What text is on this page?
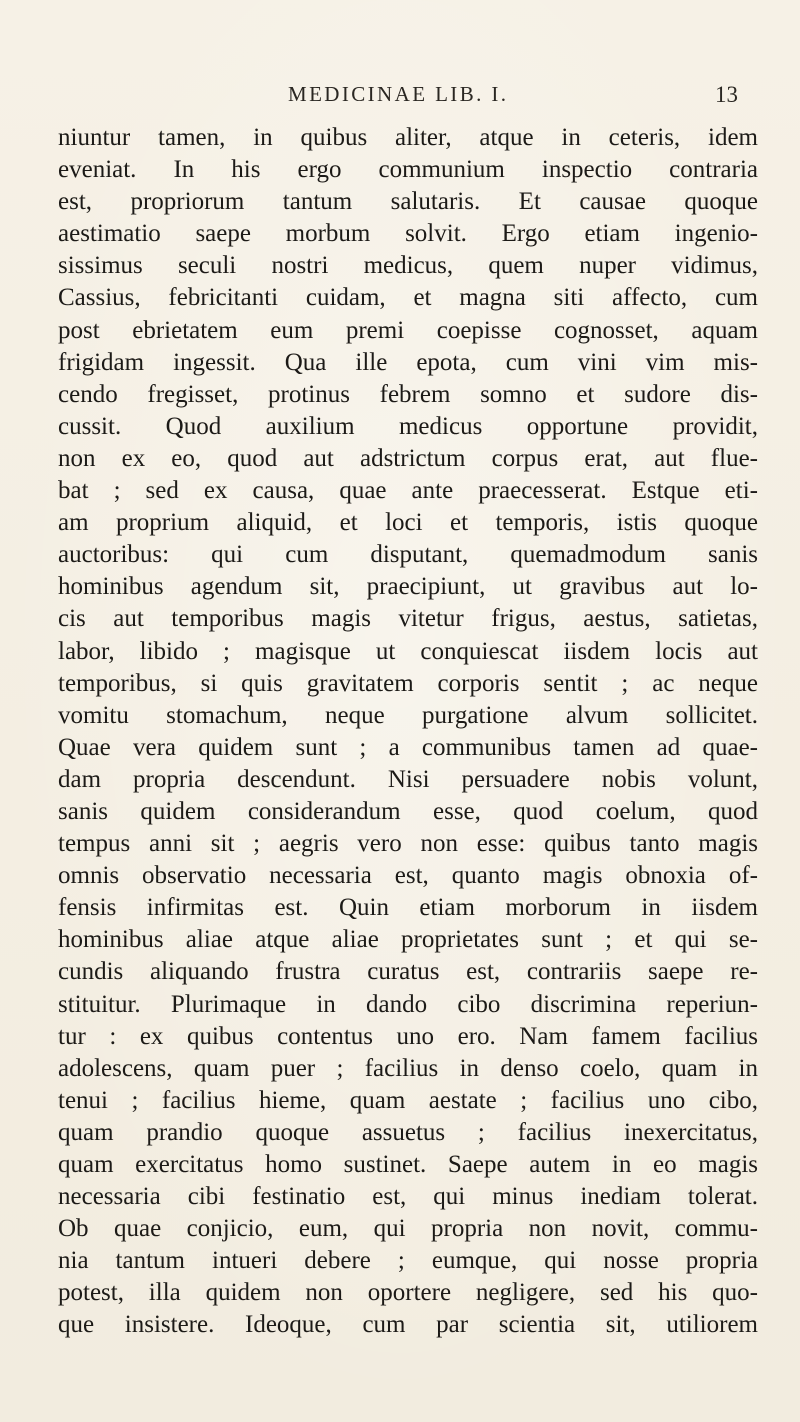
MEDICINAE LIB. I.	13
niuntur tamen, in quibus aliter, atque in ceteris, idem
eveniat. In his ergo communium inspectio contraria
est, propriorum tantum salutaris. Et causae quoque
aestimatio saepe morbum solvit. Ergo etiam ingenio-
sissimus seculi nostri medicus, quem nuper vidimus,
Cassius, febricitanti cuidam, et magna siti affecto, cum
post ebrietatem eum premi coepisse cognosset, aquam
frigidam ingessit. Qua ille epota, cum vini vim mis-
cendo fregisset, protinus febrem somno et sudore dis-
cussit. Quod auxilium medicus opportune providit,
non ex eo, quod aut adstrictum corpus erat, aut flue-
bat ; sed ex causa, quae ante praecesserat. Estque eti-
am proprium aliquid, et loci et temporis, istis quoque
auctoribus: qui cum disputant, quemadmodum sanis
hominibus agendum sit, praecipiunt, ut gravibus aut lo-
cis aut temporibus magis vitetur frigus, aestus, satietas,
labor, libido ; magisque ut conquiescat iisdem locis aut
temporibus, si quis gravitatem corporis sentit ; ac neque
vomitu stomachum, neque purgatione alvum sollicitet.
Quae vera quidem sunt ; a communibus tamen ad quae-
dam propria descendunt. Nisi persuadere nobis volunt,
sanis quidem considerandum esse, quod coelum, quod
tempus anni sit ; aegris vero non esse: quibus tanto magis
omnis observatio necessaria est, quanto magis obnoxia of-
fensis infirmitas est. Quin etiam morborum in iisdem
hominibus aliae atque aliae proprietates sunt ; et qui se-
cundis aliquando frustra curatus est, contrariis saepe re-
stituitur. Plurimaque in dando cibo discrimina reperiun-
tur : ex quibus contentus uno ero. Nam famem facilius
adolescens, quam puer ; facilius in denso coelo, quam in
tenui ; facilius hieme, quam aestate ; facilius uno cibo,
quam prandio quoque assuetus ; facilius inexercitatus,
quam exercitatus homo sustinet. Saepe autem in eo magis
necessaria cibi festinatio est, qui minus inediam tolerat.
Ob quae conjicio, eum, qui propria non novit, commu-
nia tantum intueri debere ; eumque, qui nosse propria
potest, illa quidem non oportere negligere, sed his quo-
que insistere. Ideoque, cum par scientia sit, utiliorem
